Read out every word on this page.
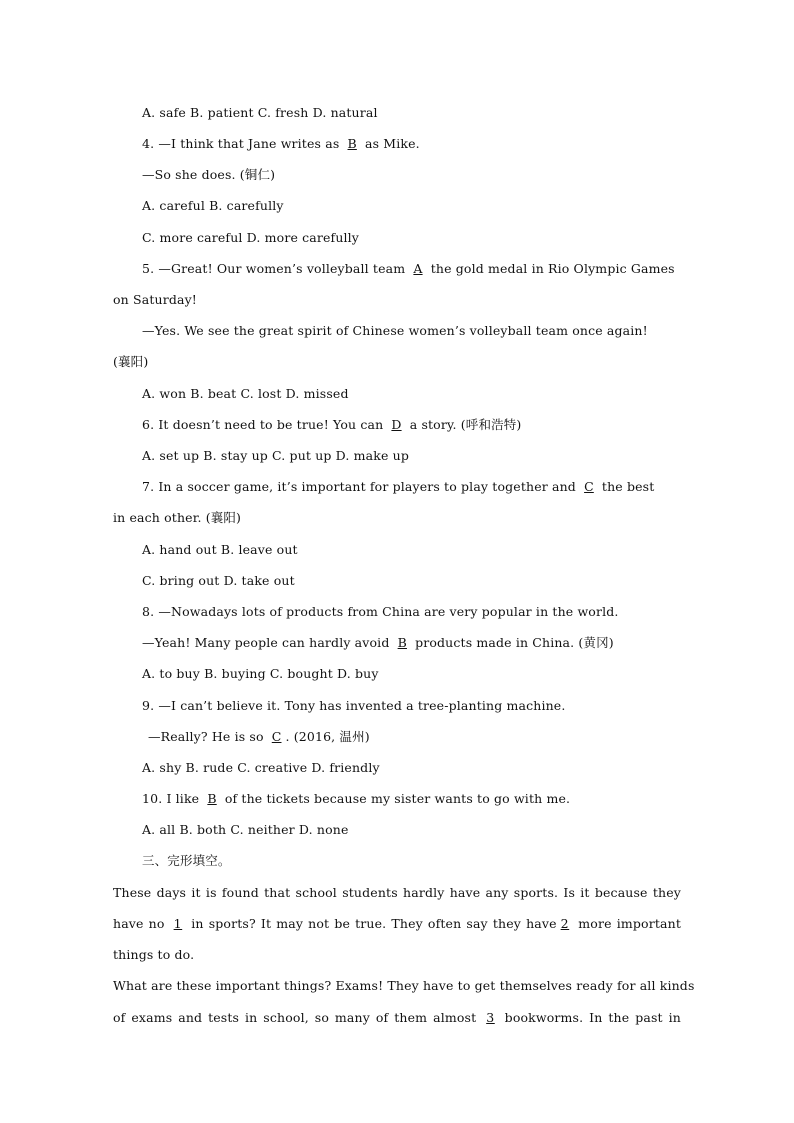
A. safe B. patient C. fresh D. natural
4. —I think that Jane writes as B as Mike.
—So she does. (铜仁)
A. careful B. carefully
C. more careful D. more carefully
5. —Great! Our women’s volleyball team A the gold medal in Rio Olympic Games
on Saturday!
—Yes. We see the great spirit of Chinese women’s volleyball team once again!
(襄阳)
A. won B. beat C. lost D. missed
6. It doesn’t need to be true! You can D a story. (呼和浩特)
A. set up B. stay up C. put up D. make up
7. In a soccer game, it’s important for players to play together and C the best
in each other. (襄阳)
A. hand out B. leave out
C. bring out D. take out
8. —Nowadays lots of products from China are very popular in the world.
—Yeah! Many people can hardly avoid B products made in China. (黄冈)
A. to buy B. buying C. bought D. buy
9. —I can’t believe it. Tony has invented a tree-planting machine.
—Really? He is so C . (2016, 温州)
A. shy B. rude C. creative D. friendly
10. I like B of the tickets because my sister wants to go with me.
A. all B. both C. neither D. none
三、完形填空。
These days it is found that school students hardly have any sports. Is it because they
have no 1 in sports? It may not be true. They often say they have 2 more important
things to do.
What are these important things? Exams! They have to get themselves ready for all kinds
of exams and tests in school, so many of them almost 3 bookworms. In the past in
